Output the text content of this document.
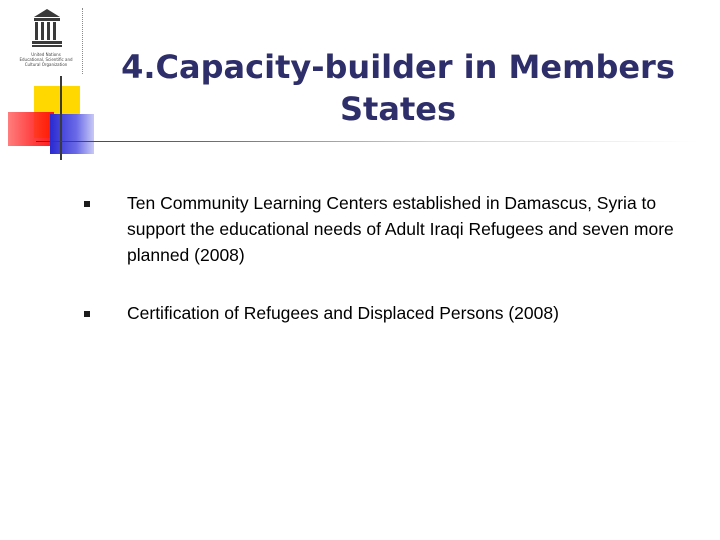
United Nations
Educational, Scientific and
Cultural Organization	4.Capacity-builder in Members States
Ten Community Learning Centers established in Damascus, Syria to support the educational needs of Adult Iraqi Refugees and seven more planned (2008)
Certification of Refugees and Displaced Persons (2008)
